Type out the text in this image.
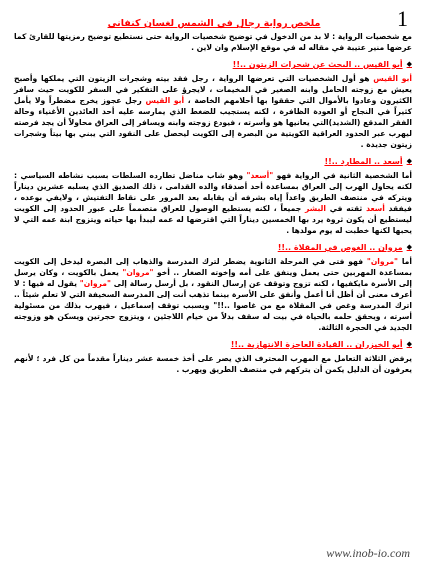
1
ملخص رواية رجال في الشمس لغسان كنفاني

مع شخصيات الرواية : لا بد من الدخول في توضيح شخصيات الرواية حتى نستطيع توضيح رمزيتها للقارئ كما عرضها منير عتيبة في مقاله له في موقع الإسلام وان لاين .

◆
أبو القيس .. البحث عن شجرات الزيتون ..!!

أبو القيس هو أول الشخصيات التي تعرضها الرواية ، رجل فقد بيته وشجرات الزيتون التي يملكها وأصبح يعيش مع زوجته الحامل وابنه الصغير في المخيمات ، لايجرؤ على التفكير في السفر للكويت حيث سافر الكثيرون وعادوا بالأموال التي حققوا بها أحلامهم الخاصة ، أبو القيس رجل عجوز يخرج مضطراً ولا يأمل كثيراً في النجاح أو العودة الظافرة ، لكنه يستجيب للضغط الذي يمارسه عليه أحد العائدين الأغنياء وحالة الفقر المدقع (الشديد)التي يعانيها هو وأسرته ، فيودع زوجته وابنه ويسافر إلى العراق محاولاً أن يجد فرصته ليهرب عبر الحدود العراقية الكويتية من البصرة إلى الكويت ليحصل على النقود التي يبني بها بيتاً وشجرات زيتون جديدة .

◆
أسعد .. المطارد ..!!

أما الشخصية الثانية في الرواية فهو "أسعد" وهو شاب مناضل تطارده السلطات بسبب نشاطه السياسي : لكنه يحاول الهرب إلى العراق بمساعدة أحد أصدقاء والده القدامى ، ذلك الصديق الذي يسلبه عشرين ديناراً ويتركه في منتصف الطريق واعداً إياه بشرفه أن يقابله بعد المرور على نقاط التفتيش ، ولايفي بوعده ، فيفقد أسعد ثقته في البشر جميعاً ، لكنه يستطيع الوصول للعراق متصمماً على عبور الحدود إلى الكويت ليستطيع أن يكون ثروة يرد بها الخمسين ديناراً التي اقترضها له عمه ليبدأ بها حياته ويتزوج ابنة عمه التي لا يحبها لكنها خطبت له يوم مولدها .

◆
مروان .. الغوص في المقلاة ..!!

أما "مروان" فهو فتى في المرحلة الثانوية يضطر لترك المدرسة والذهاب إلى البصرة ليدخل إلى الكويت بمساعدة المهربين حتى يعمل وينفق على أمه وإخوته الصغار .. أخو "مروان" يعمل بالكويت ، وكان يرسل إلى الأسرة مايكفيها ، لكنه تزوج وتوقف عن إرسال النقود ، بل أرسل رسالة إلى "مروان" يقول له فيها : لا أعرف معنى أن أظل أنا أعمل وأنفق على الأسرة بينما تذهب أنت إلى المدرسة السخيفة التي لا تعلم شيئاً .. اترك المدرسة وغص في المقلاة مع من غاصوا ..!!" ويسبب توقف إسماعيل ، فيهرب بذلك من مسئولية أسرته ، ويحقق حلمه بالحياة في بيت له سقف بدلاً من خيام اللاجئين ، ويتزوج حجرتين ويسكن هو وزوجته الجديد في الحجرة الثالثة.

◆
أبو الخيزران .. القيادة العاجزة الانتهازية ..!!

يرفض الثلاثة التعامل مع المهرب المحترف الذي يصر على أخذ خمسة عشر ديناراً مقدماً من كل فرد ؛ لأنهم يعرفون أن الدليل يكمن أن يتركهم في منتصف الطريق ويهرب .

www.inob-io.com
